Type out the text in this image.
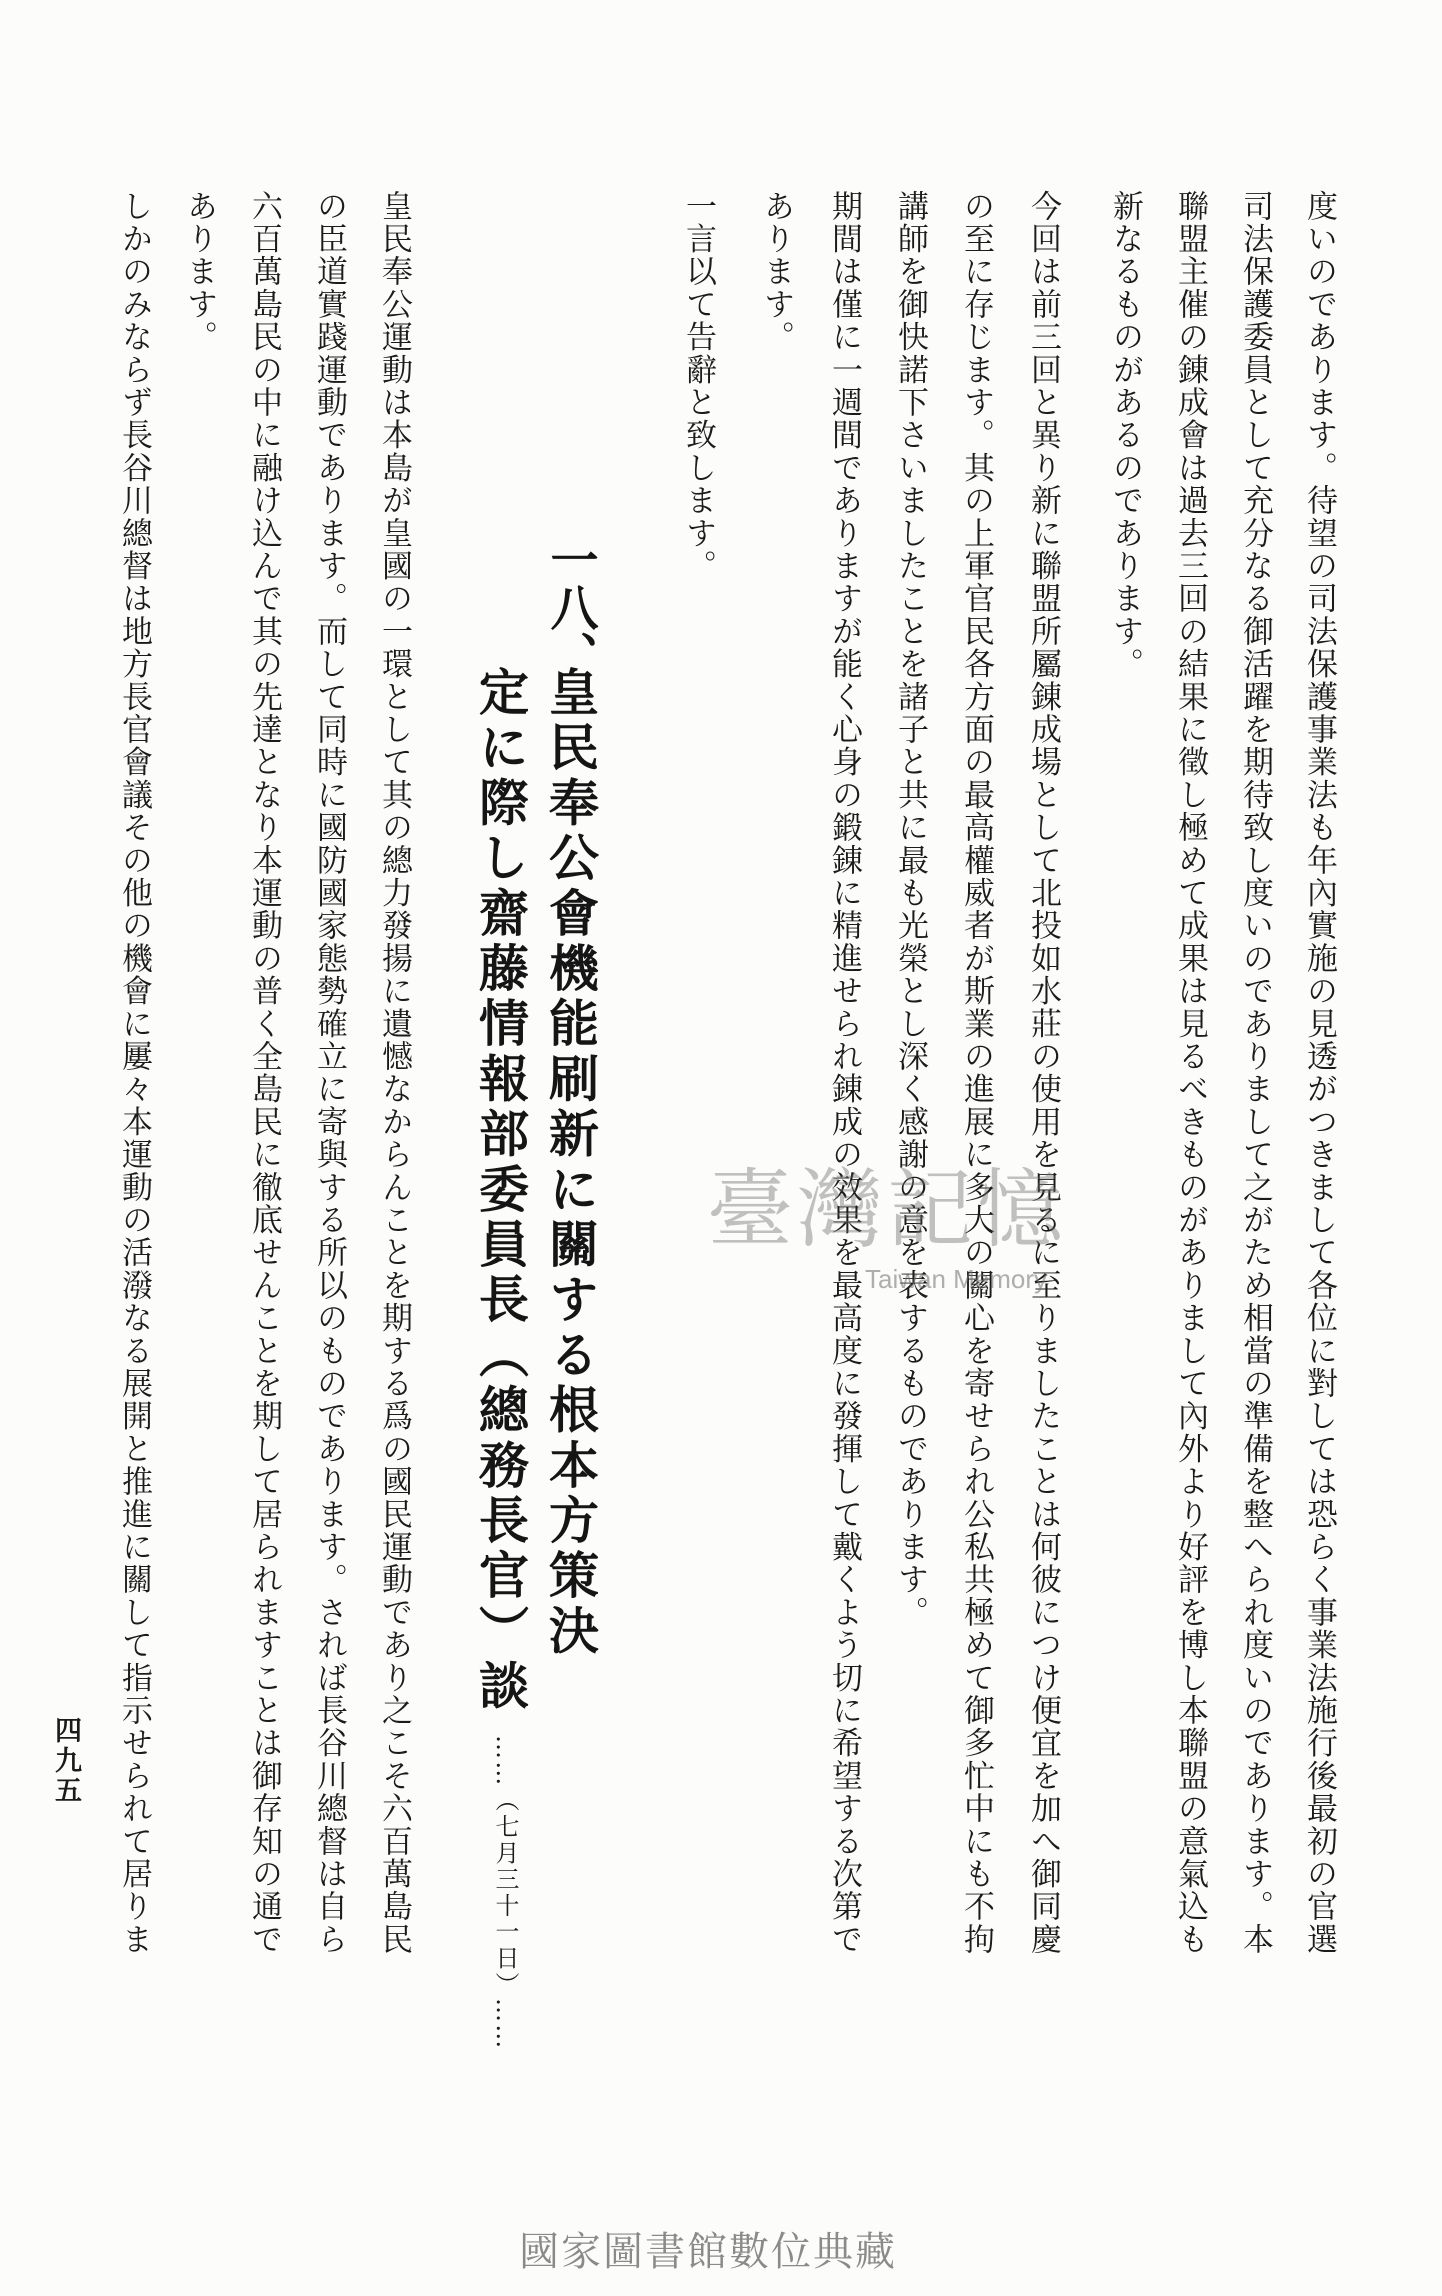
度いのであります。待望の司法保護事業法も年內實施の見透がつきまして各位に對しては恐らく事業法施行後最初の官選
司法保護委員として充分なる御活躍を期待致し度いのでありまして之がため相當の準備を整へられ度いのであります。本
聯盟主催の錬成會は過去三回の結果に徵し極めて成果は見るべきものがありまして內外より好評を博し本聯盟の意氣込も
新なるものがあるのであります。
今回は前三回と異り新に聯盟所屬錬成場として北投如水莊の使用を見るに至りましたことは何彼につけ便宜を加へ御同慶
の至に存じます。其の上軍官民各方面の最高權威者が斯業の進展に多大の關心を寄せられ公私共極めて御多忙中にも不拘
講師を御快諾下さいましたことを諸子と共に最も光榮とし深く感謝の意を表するものであります。
期間は僅に一週間でありますが能く心身の鍛錬に精進せられ錬成の效果を最高度に發揮して戴くよう切に希望する次第で
あります。
一言以て告辭と致します。
一八、
皇民奉公會機能刷新に關する根本方策決
定に際し齋藤情報部委員長（總務長官）談
……（七月三十一日）……
皇民奉公運動は本島が皇國の一環として其の總力發揚に遺憾なからんことを期する爲の國民運動であり之こそ六百萬島民
の臣道實踐運動であります。而して同時に國防國家態勢確立に寄與する所以のものであります。されば長谷川總督は自ら
六百萬島民の中に融け込んで其の先達となり本運動の普く全島民に徹底せんことを期して居られますことは御存知の通で
あります。
しかのみならず長谷川總督は地方長官會議その他の機會に屢々本運動の活潑なる展開と推進に關して指示せられて居りま
四九五
臺灣記憶
Taiwan Memory
國家圖書館數位典藏
